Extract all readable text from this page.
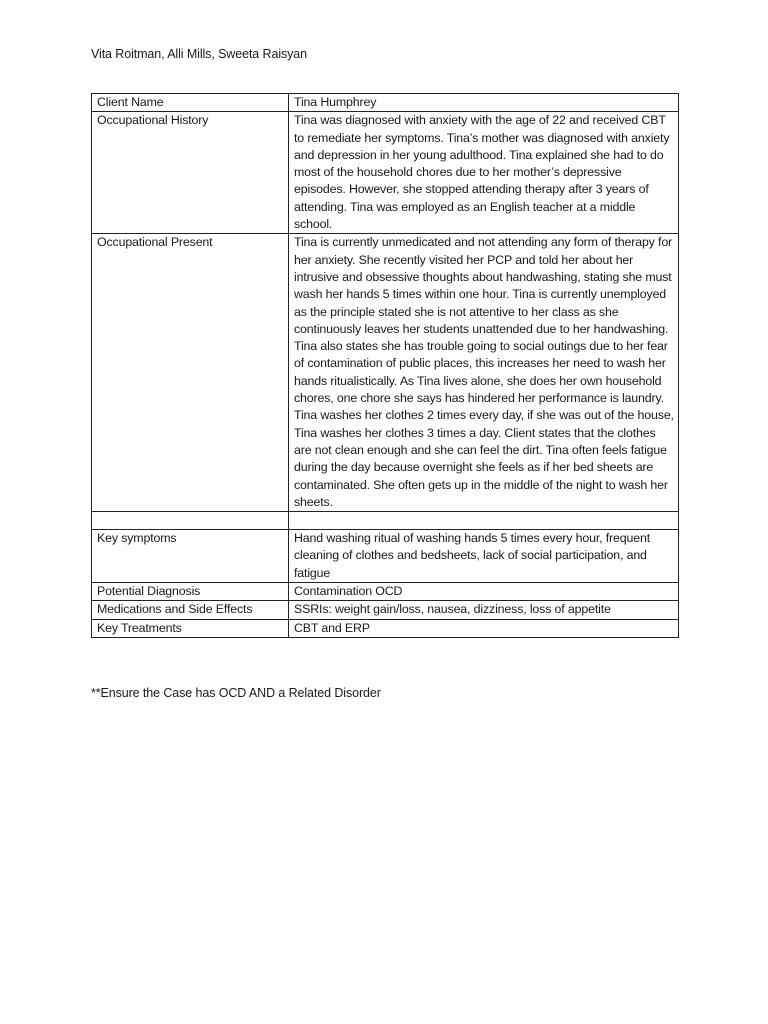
Vita Roitman, Alli Mills, Sweeta Raisyan
Client Name	Tina Humphrey
Occupational History	Tina was diagnosed with anxiety with the age of 22 and received CBT to remediate her symptoms. Tina’s mother was diagnosed with anxiety and depression in her young adulthood. Tina explained she had to do most of the household chores due to her mother’s depressive episodes. However, she stopped attending therapy after 3 years of attending. Tina was employed as an English teacher at a middle school.
Occupational Present	Tina is currently unmedicated and not attending any form of therapy for her anxiety. She recently visited her PCP and told her about her intrusive and obsessive thoughts about handwashing, stating she must wash her hands 5 times within one hour. Tina is currently unemployed as the principle stated she is not attentive to her class as she continuously leaves her students unattended due to her handwashing. Tina also states she has trouble going to social outings due to her fear of contamination of public places, this increases her need to wash her hands ritualistically. As Tina lives alone, she does her own household chores, one chore she says has hindered her performance is laundry. Tina washes her clothes 2 times every day, if she was out of the house, Tina washes her clothes 3 times a day. Client states that the clothes are not clean enough and she can feel the dirt. Tina often feels fatigue during the day because overnight she feels as if her bed sheets are contaminated. She often gets up in the middle of the night to wash her sheets.

Key symptoms	Hand washing ritual of washing hands 5 times every hour, frequent cleaning of clothes and bedsheets, lack of social participation, and fatigue
Potential Diagnosis	Contamination OCD
Medications and Side Effects	SSRIs: weight gain/loss, nausea, dizziness, loss of appetite
Key Treatments	CBT and ERP
**Ensure the Case has OCD AND a Related Disorder
